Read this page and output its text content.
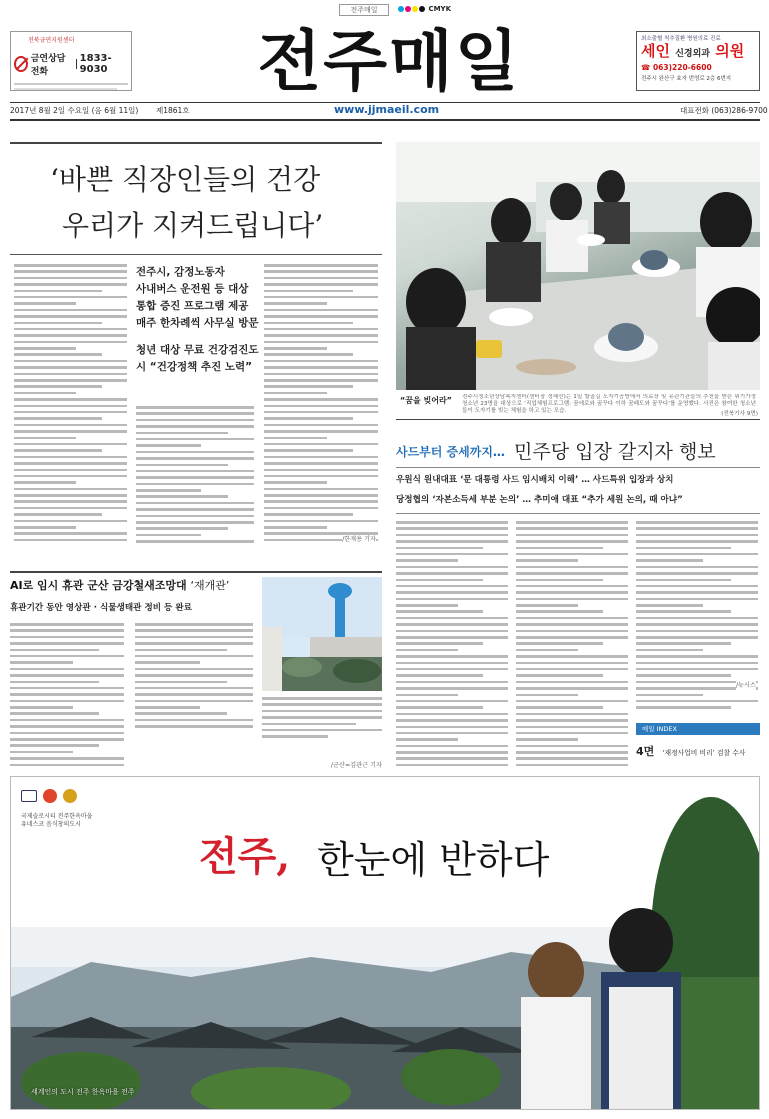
전주매일	CMYK
전북금연지원센터
금연상담전화
1833-9030	전주매일	최소출혈 척추질환 병원의료 진료
세인 신경외과 의원
☎ 063)220-6600
전주시 완산구 효자 번영로 2층 6번지
2017년 8월 2일 수요일 (음 6월 11일) 제1861호	www.jjmaeil.com	대표전화 (063)286-9700
‘바쁜 직장인들의 건강
우리가 지켜드립니다’
전주시, 감정노동자
사내버스 운전원 등 대상
통합 증진 프로그램 제공
매주 한차례씩 사무실 방문
청년 대상 무료 건강검진도
시 “건강정책 추진 노력”
/한재용 기자
“꿈을 빚어라” 전주시청소년상담복지센터(센터장 정혜선)는 1일 할골길 도자기공방에서 의료장 및 유관기관들의 추천을 받은 위기가정 청소년 23명을 대상으로 ‘직업체험프로그램: 꿈에로와 꿈꾸다 이하 꿈패도와 꿈꾸다’를 운영했다. 사진은 참여한 청소년들이 도자기를 빚는 체험을 하고 있는 모습.	(전북기사 9면)
사드부터 증세까지… 민주당 입장 갈지자 행보
우원식 원내대표 ‘문 대통령 사드 임시배치 이해’ … 사드특위 입장과 상치
당정협의 ‘자본소득세 부분 논의’ … 추미애 대표 “추가 세원 논의, 때 아냐”
/뉴시스
매일 INDEX
4면 ‘재정사업비 비리’ 검찰 수사
AI로 임시 휴관 군산 금강철새조망대 ‘재개관’
휴관기간 동안 영상관 · 식물생태관 정비 등 완료
/군산=김관근 기자
국제슬로시티 전주한옥마을
유네스코 음식창의도시
전주, 한눈에 반하다
세계인의 도시 전주 한옥마을 전주
